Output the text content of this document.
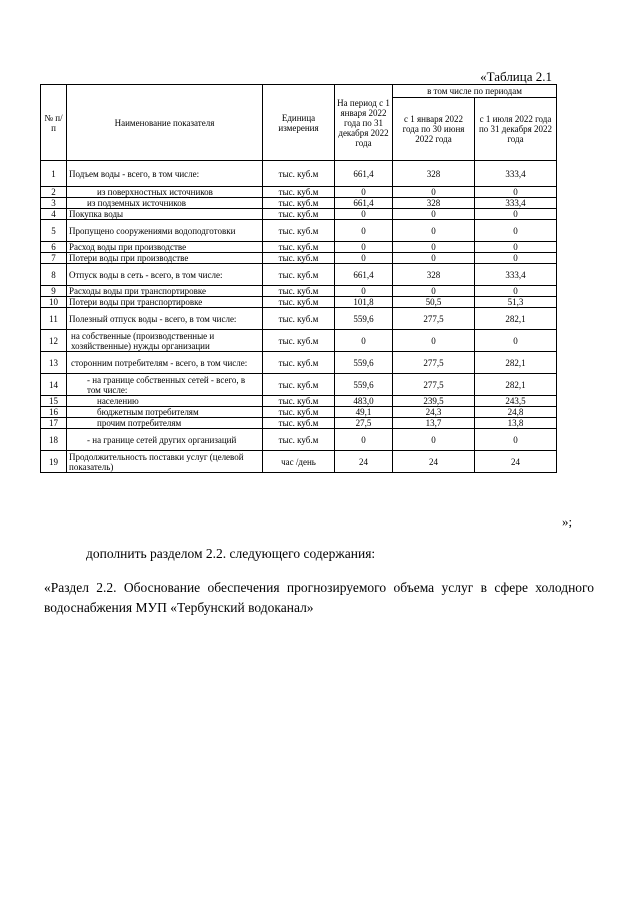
«Таблица 2.1
№ п/п	Наименование показателя	Единица измерения	На период с 1 января 2022 года по 31 декабря 2022 года	в том числе по периодам	
				с 1 января 2022 года по 30 июня 2022 года	с 1 июля 2022 года по 31 декабря 2022 года
1	Подъем воды - всего, в том числе:	тыс. куб.м	661,4	328	333,4
2	из поверхностных источников	тыс. куб.м	0	0	0
3	из подземных источников	тыс. куб.м	661,4	328	333,4
4	Покупка воды	тыс. куб.м	0	0	0
5	Пропущено сооружениями водоподготовки	тыс. куб.м	0	0	0
6	Расход воды при производстве	тыс. куб.м	0	0	0
7	Потери воды при производстве	тыс. куб.м	0	0	0
8	Отпуск воды в сеть - всего, в том числе:	тыс. куб.м	661,4	328	333,4
9	Расходы воды при транспортировке	тыс. куб.м	0	0	0
10	Потери воды при транспортировке	тыс. куб.м	101,8	50,5	51,3
11	Полезный отпуск воды - всего, в том числе:	тыс. куб.м	559,6	277,5	282,1
12	на собственные (производственные и хозяйственные) нужды организации	тыс. куб.м	0	0	0
13	сторонним потребителям - всего, в том числе:	тыс. куб.м	559,6	277,5	282,1
14	- на границе собственных сетей - всего, в том числе:	тыс. куб.м	559,6	277,5	282,1
15	населению	тыс. куб.м	483,0	239,5	243,5
16	бюджетным потребителям	тыс. куб.м	49,1	24,3	24,8
17	прочим потребителям	тыс. куб.м	27,5	13,7	13,8
18	- на границе сетей других организаций	тыс. куб.м	0	0	0
19	Продолжительность поставки услуг (целевой показатель)	час /день	24	24	24
»;
дополнить разделом 2.2. следующего содержания:
«Раздел 2.2. Обоснование обеспечения прогнозируемого объема услуг в сфере холодного водоснабжения МУП «Тербунский водоканал»
